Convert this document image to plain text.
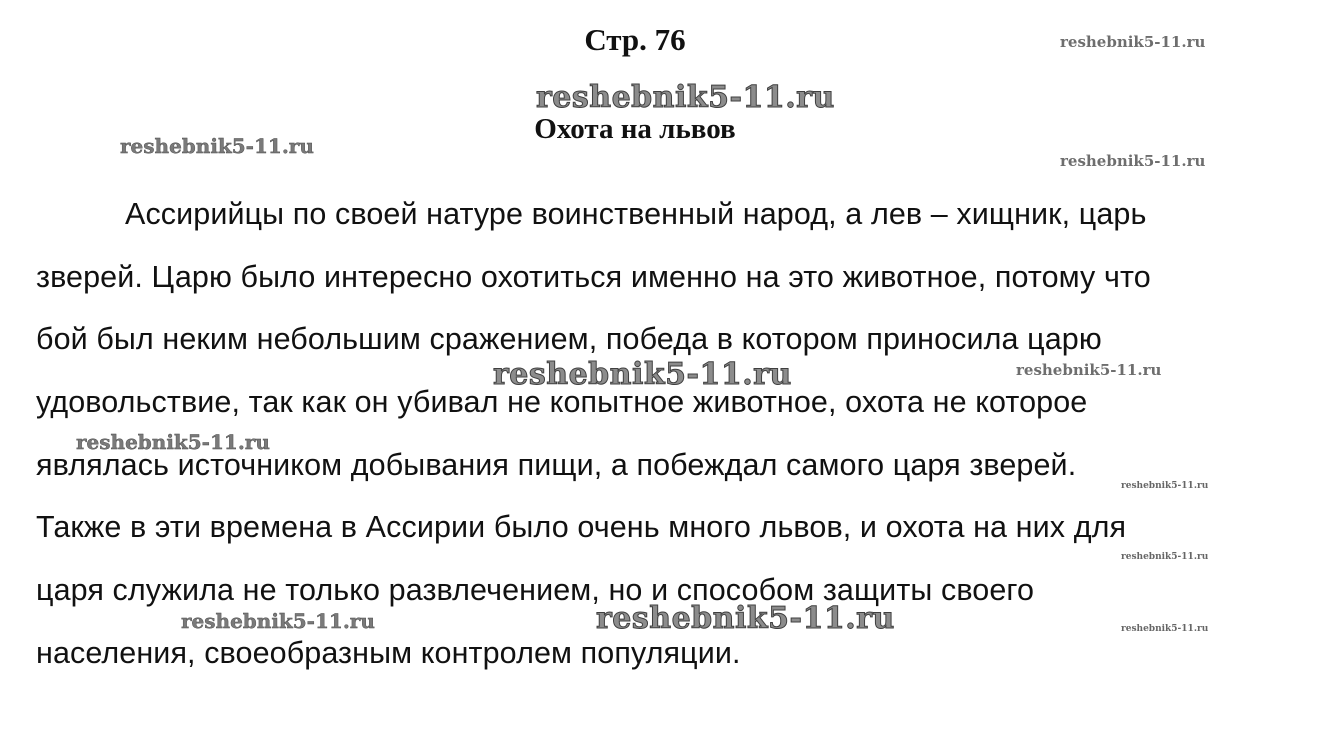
Стр. 76
Охота на львов
Ассирийцы по своей натуре воинственный народ, а лев – хищник, царь
зверей. Царю было интересно охотиться именно на это животное, потому что
бой был неким небольшим сражением, победа в котором приносила царю
удовольствие, так как он убивал не копытное животное, охота не которое
являлась источником добывания пищи, а побеждал самого царя зверей.
Также в эти времена в Ассирии было очень много львов, и охота на них для
царя служила не только развлечением, но и способом защиты своего
населения, своеобразным контролем популяции.
reshebnik5-11.ru
reshebnik5-11.ru
reshebnik5-11.ru
reshebnik5-11.ru
reshebnik5-11.ru	reshebnik5-11.ru
reshebnik5-11.ru
reshebnik5-11.ru
reshebnik5-11.ru
reshebnik5-11.ru	reshebnik5-11.ru	reshebnik5-11.ru
